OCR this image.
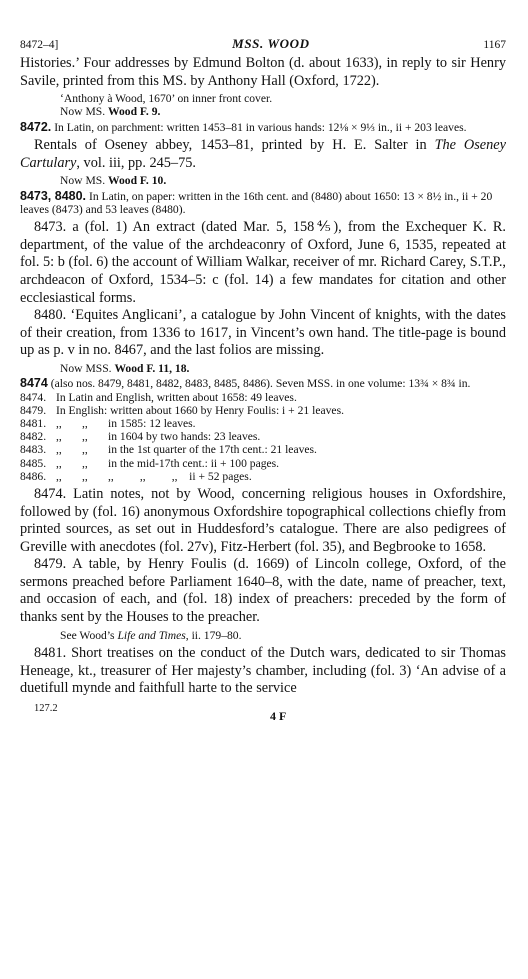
8472–4]	MSS. WOOD	1167

Histories.’ Four addresses by Edmund Bolton (d. about 1633), in reply to sir Henry Savile, printed from this MS. by Anthony Hall (Oxford, 1722).

‘Anthony à Wood, 1670’ on inner front cover.

Now MS. Wood F. 9.

8472. In Latin, on parchment: written 1453–81 in various hands: 12⅛ × 9⅓ in., ii + 203 leaves.

Rentals of Oseney abbey, 1453–81, printed by H. E. Salter in The Oseney Cartulary, vol. iii, pp. 245–75.

Now MS. Wood F. 10.

8473, 8480. In Latin, on paper: written in the 16th cent. and (8480) about 1650: 13 × 8½ in., ii + 20 leaves (8473) and 53 leaves (8480).

8473. a (fol. 1) An extract (dated Mar. 5, 158⅘), from the Exchequer K. R. department, of the value of the archdeaconry of Oxford, June 6, 1535, repeated at fol. 5: b (fol. 6) the account of William Walkar, receiver of mr. Richard Carey, S.T.P., archdeacon of Oxford, 1534–5: c (fol. 14) a few mandates for citation and other ecclesiastical forms.

8480. ‘Equites Anglicani’, a catalogue by John Vincent of knights, with the dates of their creation, from 1336 to 1617, in Vincent’s own hand. The title-page is bound up as p. v in no. 8467, and the last folios are missing.

Now MSS. Wood F. 11, 18.

8474 (also nos. 8479, 8481, 8482, 8483, 8485, 8486). Seven MSS. in one volume: 13¾ × 8¾ in.

8474. In Latin and English, written about 1658: 49 leaves.
8479. In English: written about 1660 by Henry Foulis: i + 21 leaves.
8481. ,,	,,	in 1585: 12 leaves.
8482. ,,	,,	in 1604 by two hands: 23 leaves.
8483. ,,	,,	in the 1st quarter of the 17th cent.: 21 leaves.
8485. ,,	,,	in the mid-17th cent.: ii + 100 pages.
8486. ,,	,,	,,         ,,         ,,    ii + 52 pages.

8474. Latin notes, not by Wood, concerning religious houses in Oxfordshire, followed by (fol. 16) anonymous Oxfordshire topographical collections chiefly from printed sources, as set out in Huddesford’s catalogue. There are also pedigrees of Greville with anecdotes (fol. 27v), Fitz-Herbert (fol. 35), and Begbrooke to 1658.

8479. A table, by Henry Foulis (d. 1669) of Lincoln college, Oxford, of the sermons preached before Parliament 1640–8, with the date, name of preacher, text, and occasion of each, and (fol. 18) index of preachers: preceded by the form of thanks sent by the Houses to the preacher.

See Wood’s Life and Times, ii. 179–80.

8481. Short treatises on the conduct of the Dutch wars, dedicated to sir Thomas Heneage, kt., treasurer of Her majesty’s chamber, including (fol. 3) ‘An advise of a duetifull mynde and faithfull harte to the service

127.2
4 F
